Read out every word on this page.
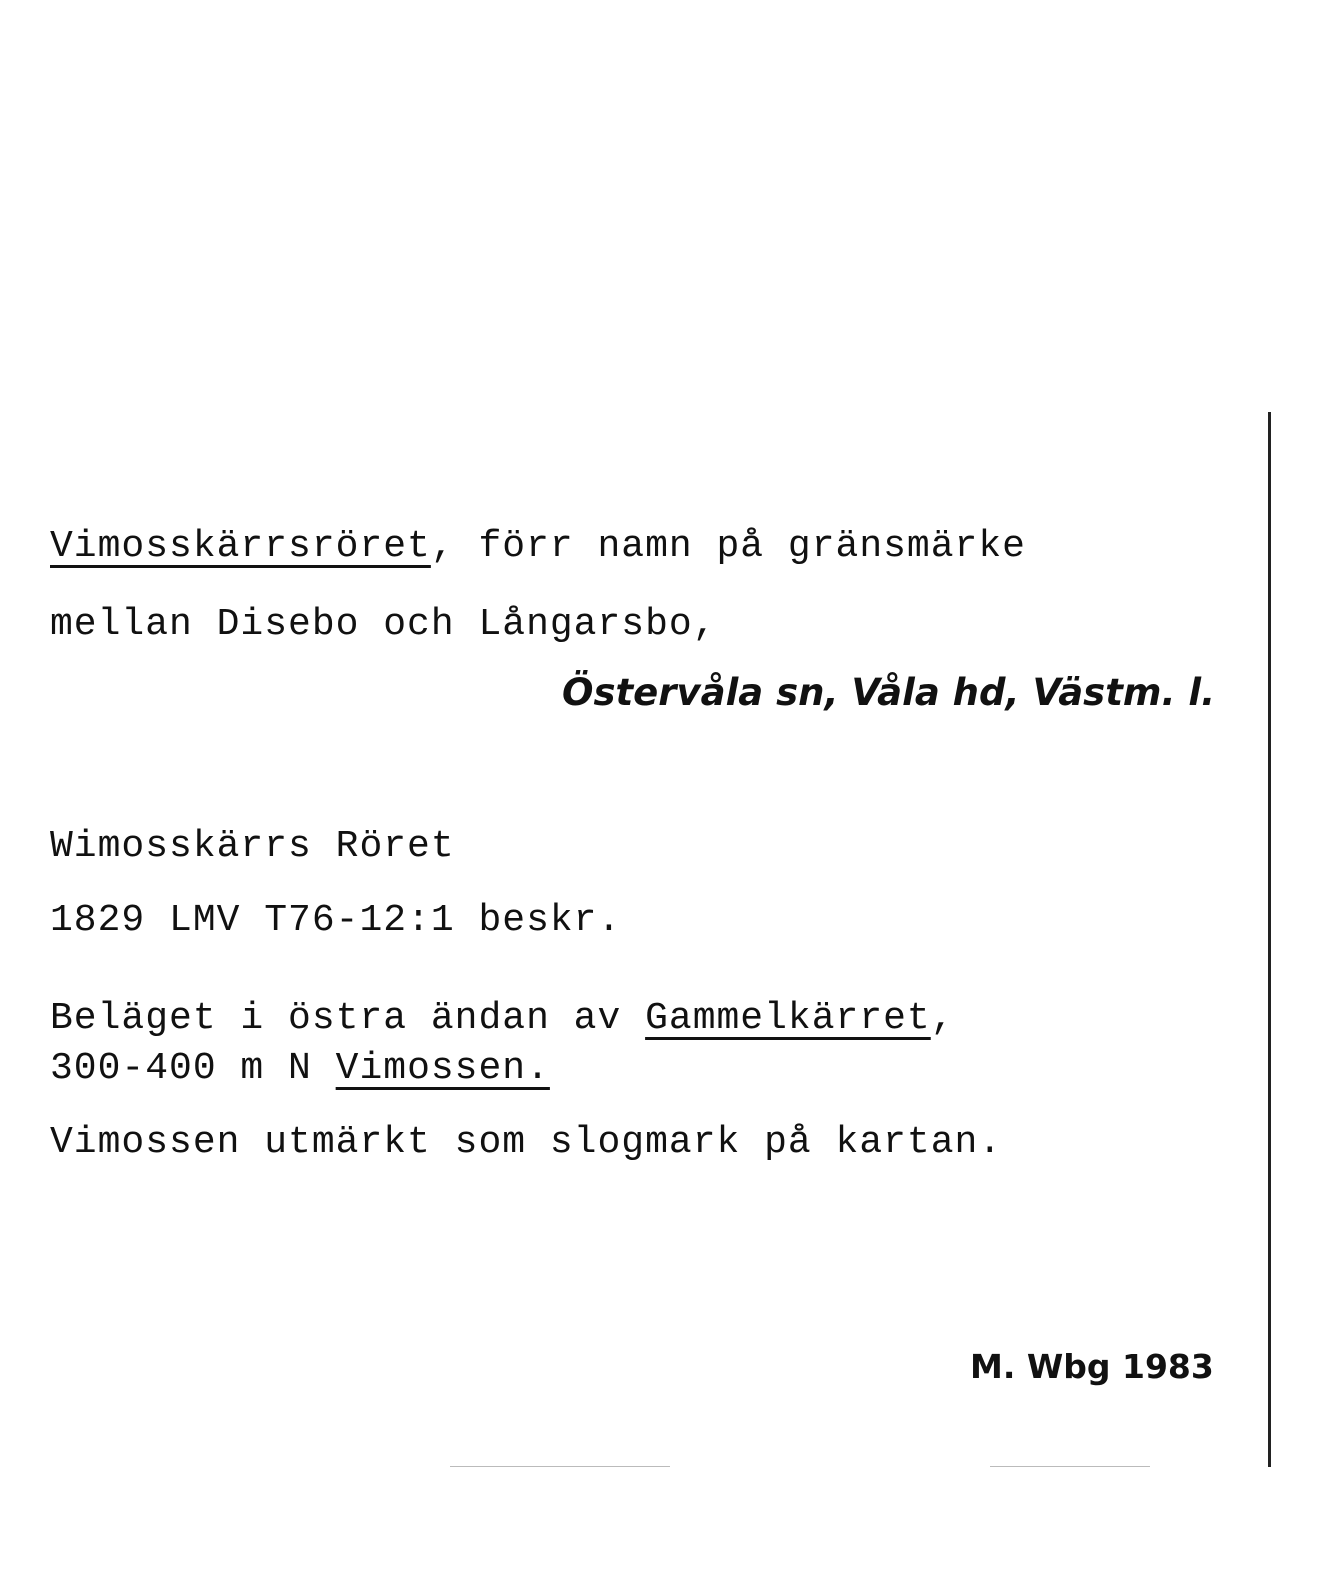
Vimosskärrsröret, förr namn på gränsmärke
mellan Disebo och Långarsbo,
Östervåla sn, Våla hd, Västm. l.
Wimosskärrs Röret
1829 LMV T76-12:1 beskr.
Beläget i östra ändan av Gammelkärret,
300-400 m N Vimossen.
Vimossen utmärkt som slogmark på kartan.
M. Wbg 1983
